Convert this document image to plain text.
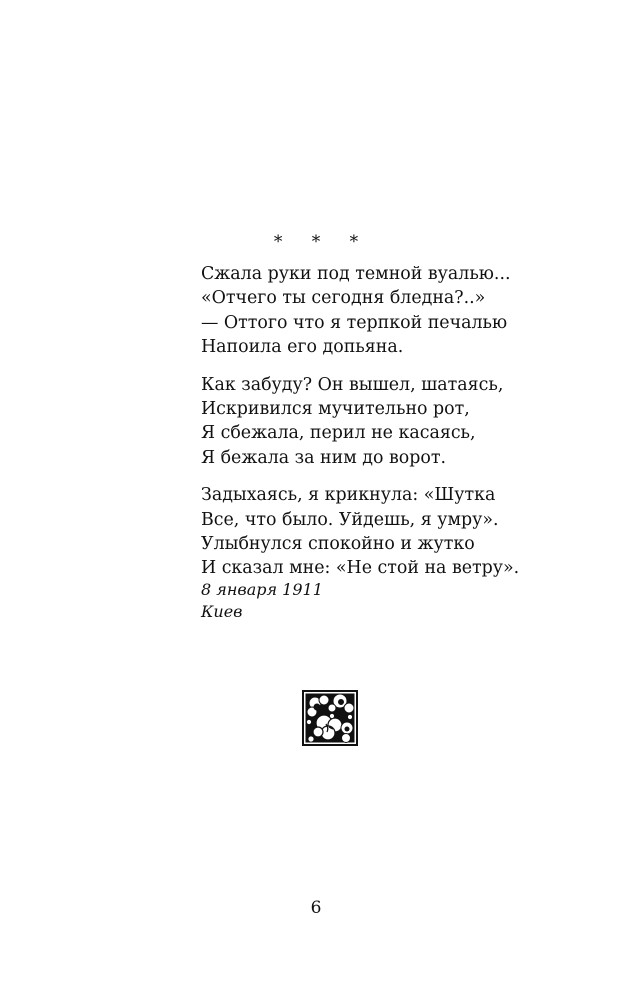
* * *
Сжала руки под темной вуалью...
«Отчего ты сегодня бледна?..»
— Оттого что я терпкой печалью
Напоила его допьяна.
Как забуду? Он вышел, шатаясь,
Искривился мучительно рот,
Я сбежала, перил не касаясь,
Я бежала за ним до ворот.
Задыхаясь, я крикнула: «Шутка
Все, что было. Уйдешь, я умру».
Улыбнулся спокойно и жутко
И сказал мне: «Не стой на ветру».
8 января 1911
Киев
6
